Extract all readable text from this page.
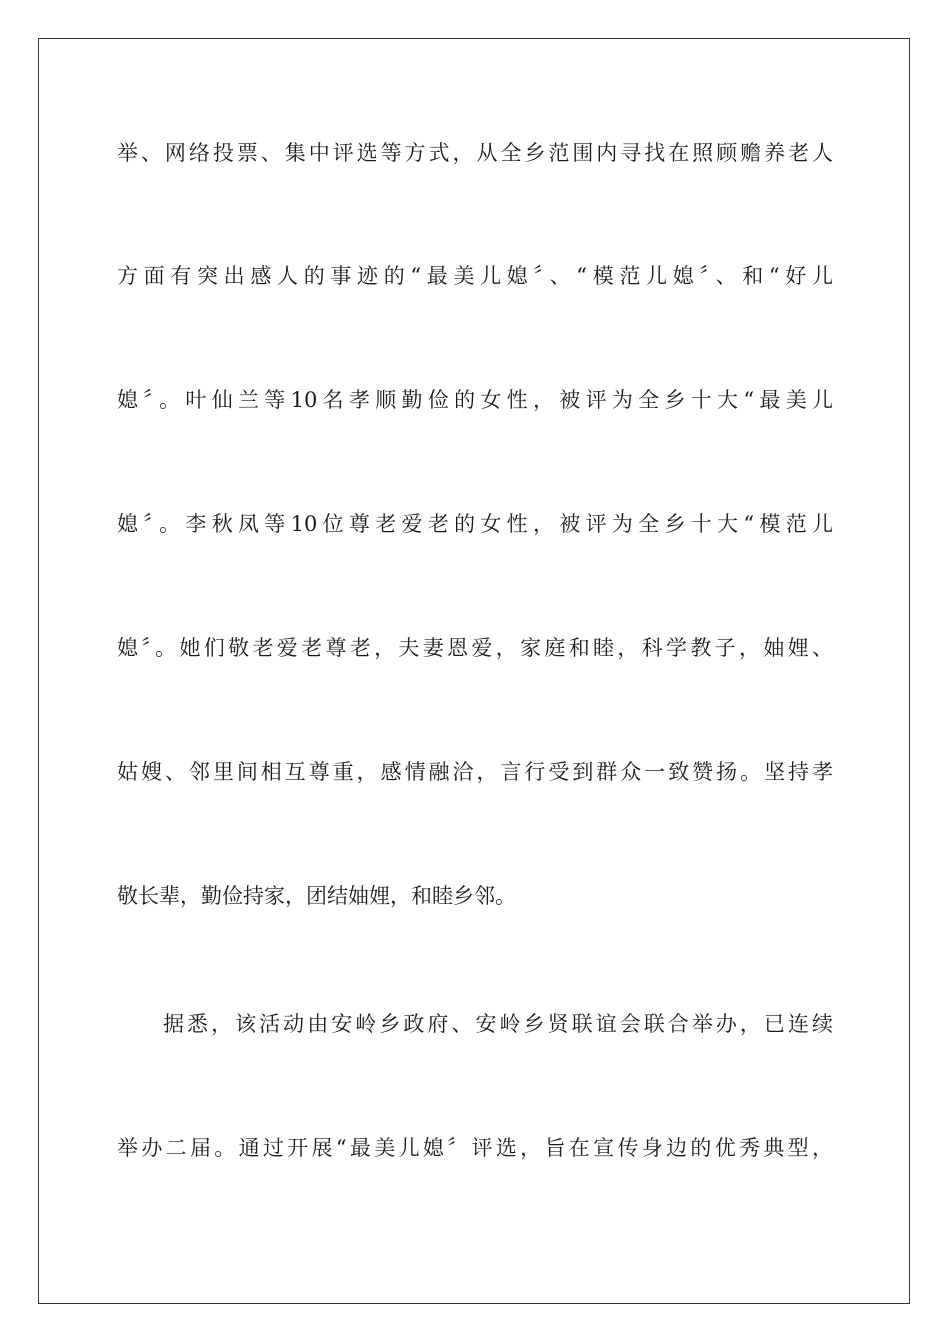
举、网络投票、集中评选等方式，从全乡范围内寻找在照顾赡养老人
方面有突出感人的事迹的“最美儿媳〞、“模范儿媳〞、和“好儿
媳〞。叶仙兰等10名孝顺勤俭的女性，被评为全乡十大“最美儿
媳〞。李秋凤等10位尊老爱老的女性，被评为全乡十大“模范儿
媳〞。她们敬老爱老尊老，夫妻恩爱，家庭和睦，科学教子，妯娌、
姑嫂、邻里间相互尊重，感情融洽，言行受到群众一致赞扬。坚持孝
敬长辈，勤俭持家，团结妯娌，和睦乡邻。
据悉，该活动由安岭乡政府、安岭乡贤联谊会联合举办，已连续
举办二届。通过开展“最美儿媳〞评选，旨在宣传身边的优秀典型，
